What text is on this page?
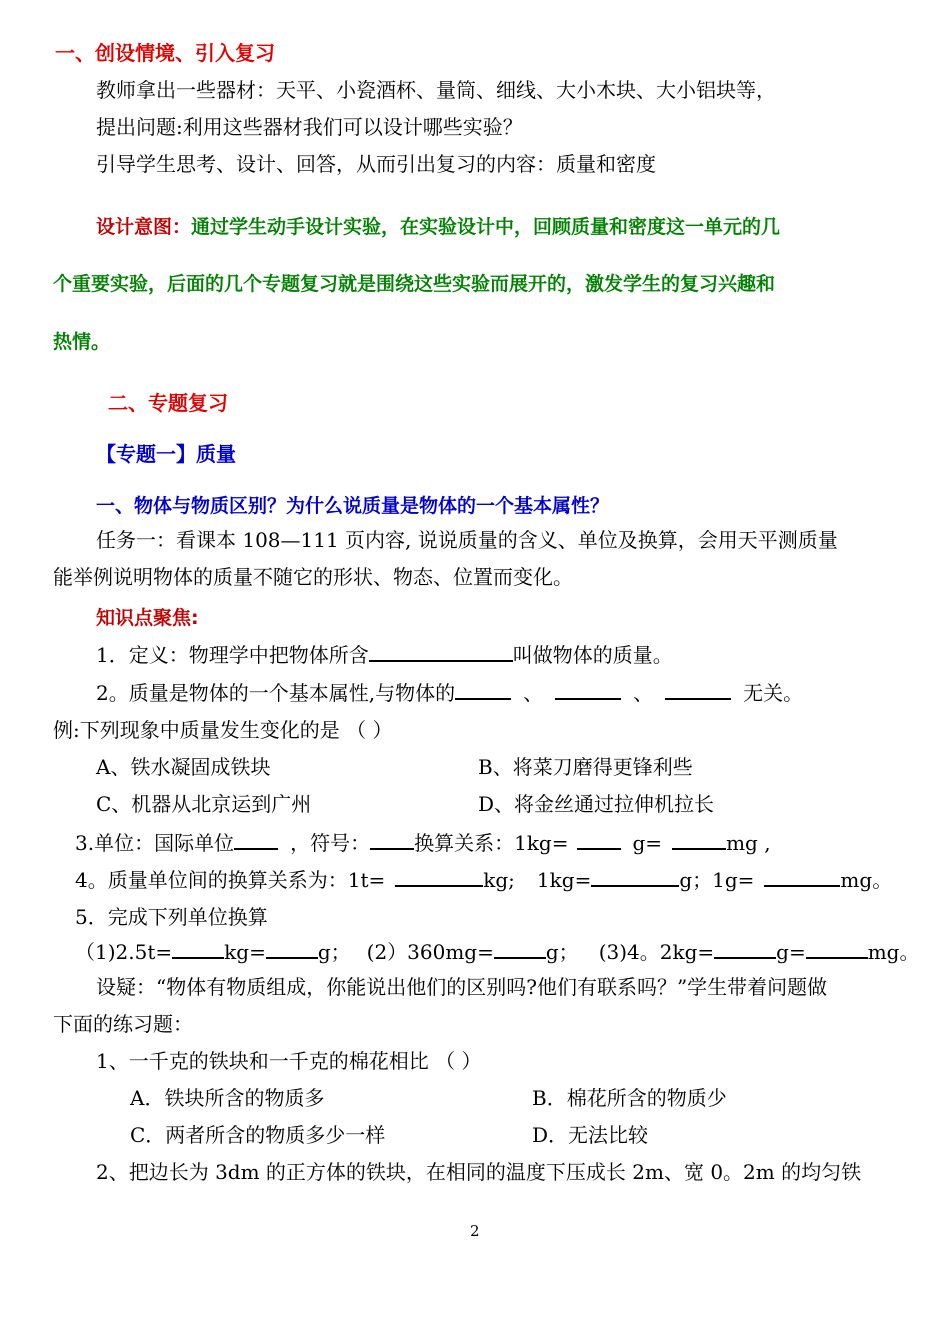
一、创设情境、引入复习
教师拿出一些器材：天平、小瓷酒杯、量筒、细线、大小木块、大小铝块等，
提出问题:利用这些器材我们可以设计哪些实验？
引导学生思考、设计、回答，从而引出复习的内容：质量和密度
设计意图：通过学生动手设计实验，在实验设计中，回顾质量和密度这一单元的几
个重要实验，后面的几个专题复习就是围绕这些实验而展开的，激发学生的复习兴趣和
热情。
二、专题复习
【专题一】质量
一、物体与物质区别？为什么说质量是物体的一个基本属性？
任务一：看课本 108—111 页内容, 说说质量的含义、单位及换算，会用天平测质量
能举例说明物体的质量不随它的形状、物态、位置而变化。
知识点聚焦:
1．定义：物理学中把物体所含	叫做物体的质量。
2。质量是物体的一个基本属性,与物体的	、	、	无关。
例:下列现象中质量发生变化的是 （ ）
A、铁水凝固成铁块	B、将菜刀磨得更锋利些
C、机器从北京运到广州	D、将金丝通过拉伸机拉长
3.单位：国际单位	，符号： 换算关系：1kg=	g=	mg ,
4。质量单位间的换算关系为：1t=	kg; 1kg=	g；1g=	mg。
5．完成下列单位换算
（1)2.5t=	kg=	g； (2）360mg=	g； (3)4。2kg=	g=	mg。
设疑：“物体有物质组成，你能说出他们的区别吗?他们有联系吗？”学生带着问题做
下面的练习题：
1、一千克的铁块和一千克的棉花相比 （ ）
A．铁块所含的物质多	B．棉花所含的物质少
C．两者所含的物质多少一样	D．无法比较
2、把边长为 3dm 的正方体的铁块，在相同的温度下压成长 2m、宽 0。2m 的均匀铁
2
